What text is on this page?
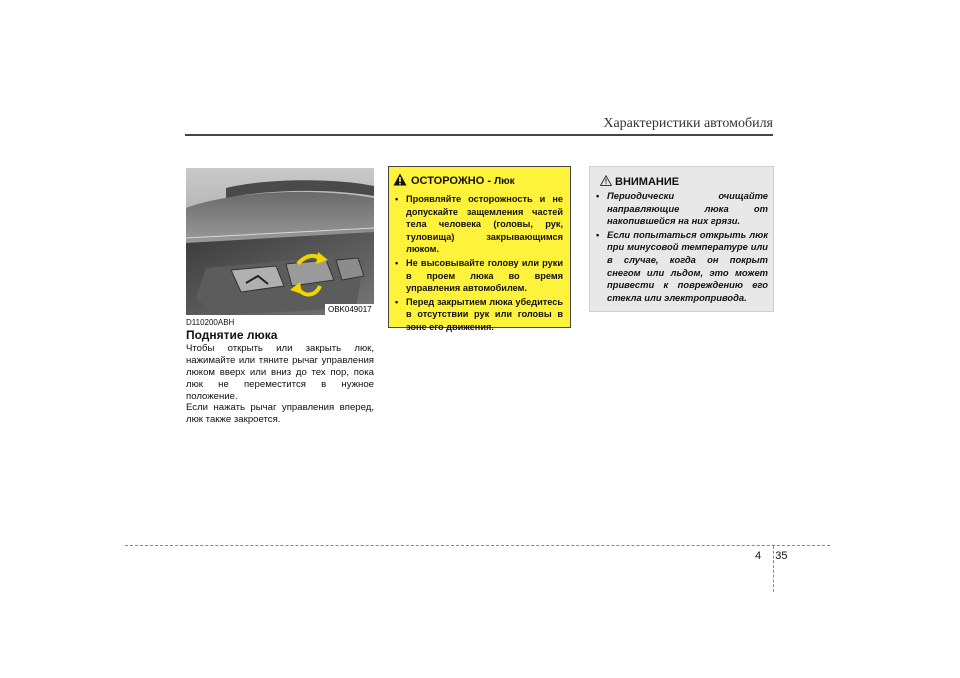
Характеристики автомобиля
OBK049017
D110200ABH
Поднятие люка
Чтобы открыть или закрыть люк, нажимайте или тяните рычаг управления люком вверх или вниз до тех пор, пока люк не переместится в нужное положение.
Если нажать рычаг управления вперед, люк также закроется.
ОСТОРОЖНО - Люк
• Проявляйте осторожность и не допускайте защемления частей тела человека (головы, рук, туловища) закрывающимся люком.
• Не высовывайте голову или руки в проем люка во время управления автомобилем.
• Перед закрытием люка убедитесь в отсутствии рук или головы в зоне его движения.
ВНИМАНИЕ
• Периодически очищайте направляющие люка от накопившейся на них грязи.
• Если попытаться открыть люк при минусовой температуре или в случае, когда он покрыт снегом или льдом, это может привести к повреждению его стекла или электропривода.
4 35
